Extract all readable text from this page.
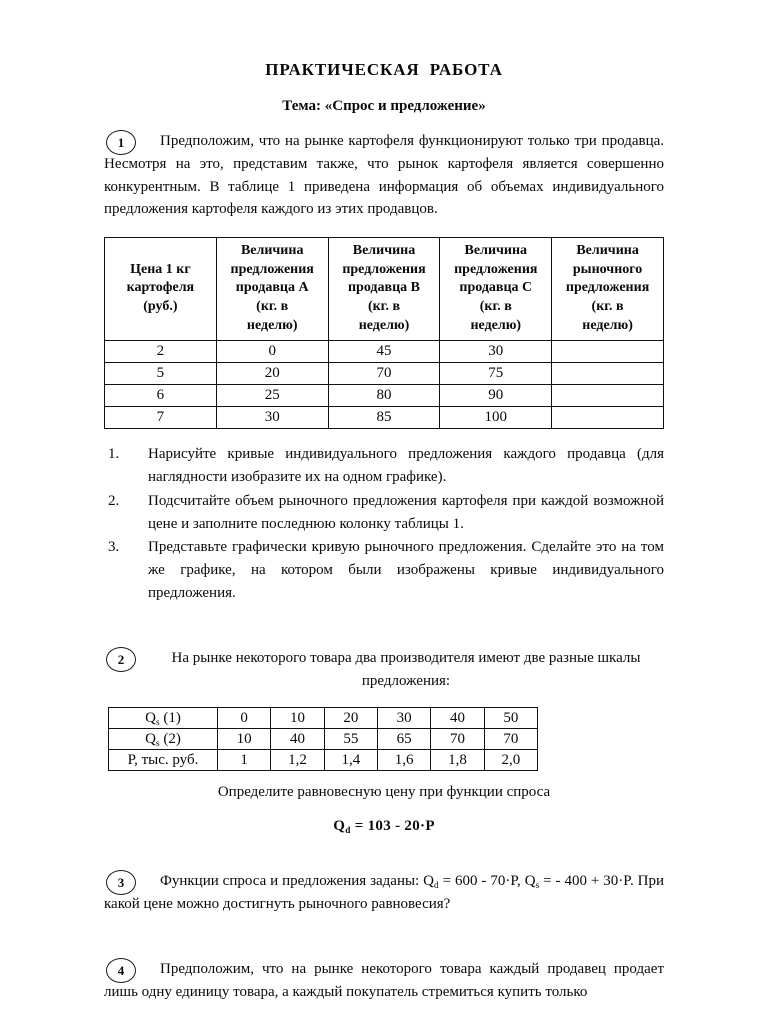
ПРАКТИЧЕСКАЯ РАБОТА
Тема: «Спрос и предложение»
1	Предположим, что на рынке картофеля функционируют только три продавца. Несмотря на это, представим также, что рынок картофеля является совершенно конкурентным. В таблице 1 приведена информация об объемах индивидуального предложения картофеля каждого из этих продавцов.

Цена 1 кг
картофеля
(руб.)

Величина
предложения
продавца А
(кг. в
неделю)

Величина
предложения
продавца В
(кг. в
неделю)

Величина
предложения
продавца С
(кг. в
неделю)

Величина
рыночного
предложения
(кг. в
неделю)

2	0	45	30	
5	20	70	75	
6	25	80	90	
7	30	85	100	
1.	Нарисуйте кривые индивидуального предложения каждого продавца (для наглядности изобразите их на одном графике).
2.	Подсчитайте объем рыночного предложения картофеля при каждой возможной цене и заполните последнюю колонку таблицы 1.
3.	Представьте графически кривую рыночного предложения. Сделайте это на том же графике, на котором были изображены кривые индивидуального предложения.
2	На рынке некоторого товара два производителя имеют две разные шкалы предложения:

$Q_s$ (1)	0	10	20	30	40	50
$Q_s$ (2)	10	40	55	65	70	70
Р, тыс. руб.	1	1,2	1,4	1,6	1,8	2,0

Определите равновесную цену при функции спроса

$Q_d = 103 - 20\cdot P$

3	Функции спроса и предложения заданы: $Q_d = 600 - 70\cdot P$, $Q_s$ = - 400 + 30·P. При какой цене можно достигнуть рыночного равновесия?

4	Предположим, что на рынке некоторого товара каждый продавец продает лишь одну единицу товара, а каждый покупатель стремиться купить только
